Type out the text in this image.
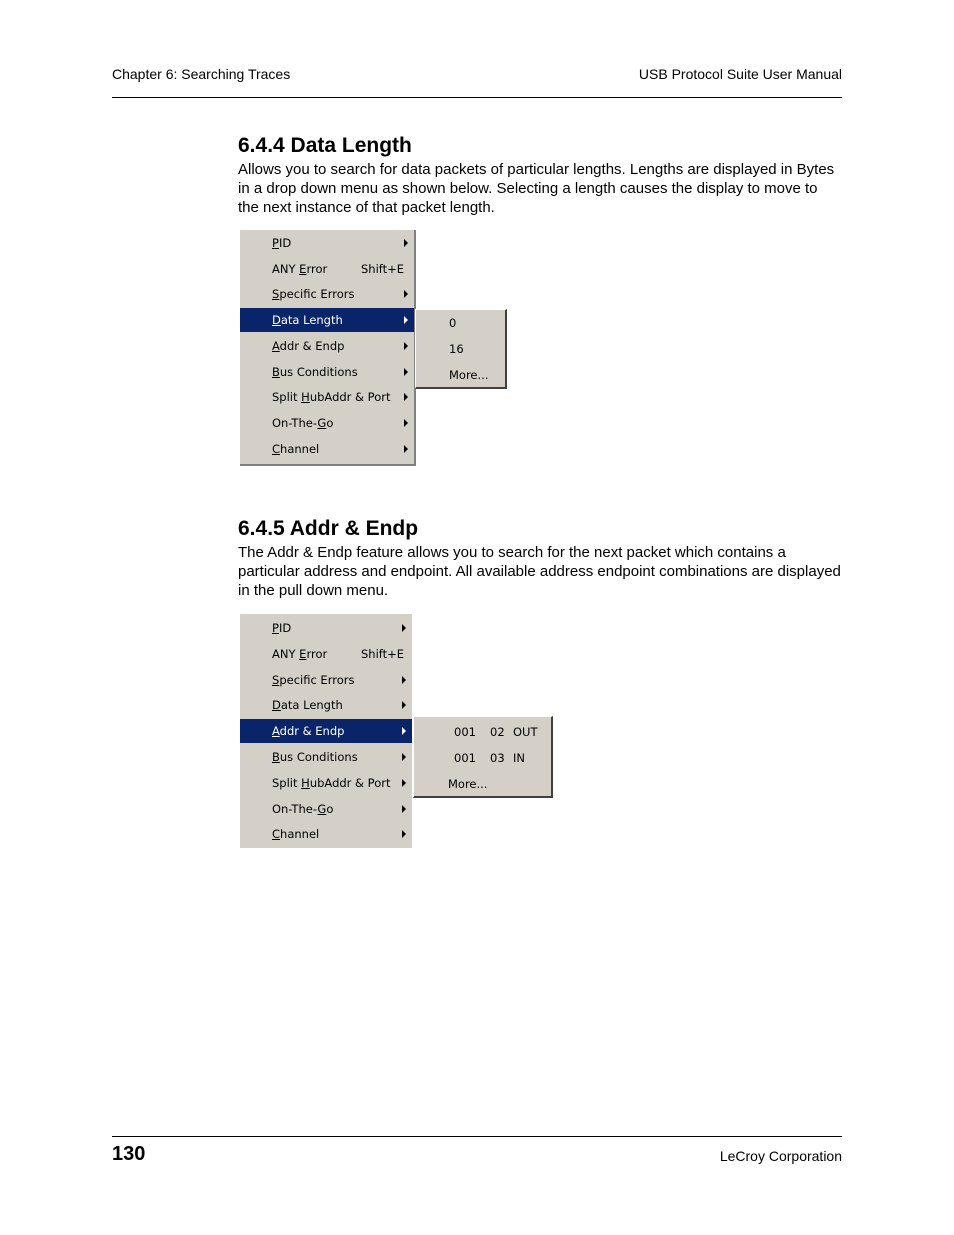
Chapter 6: Searching Traces	USB Protocol Suite User Manual
6.4.4 Data Length

Allows you to search for data packets of particular lengths. Lengths are displayed in Bytes in a drop down menu as shown below. Selecting a length causes the display to move to the next instance of that packet length.

PID
ANY Error	Shift+E
Specific Errors
Data Length
Addr & Endp
Bus Conditions
Split HubAddr & Port
On-The-Go
Channel
0
16
More...
6.4.5 Addr & Endp

The Addr & Endp feature allows you to search for the next packet which contains a particular address and endpoint. All available address endpoint combinations are displayed in the pull down menu.

PID
ANY Error	Shift+E
Specific Errors
Data Length
Addr & Endp
Bus Conditions
Split HubAddr & Port
On-The-Go
Channel
001 02 OUT
001 03 IN
More...
130	LeCroy Corporation
